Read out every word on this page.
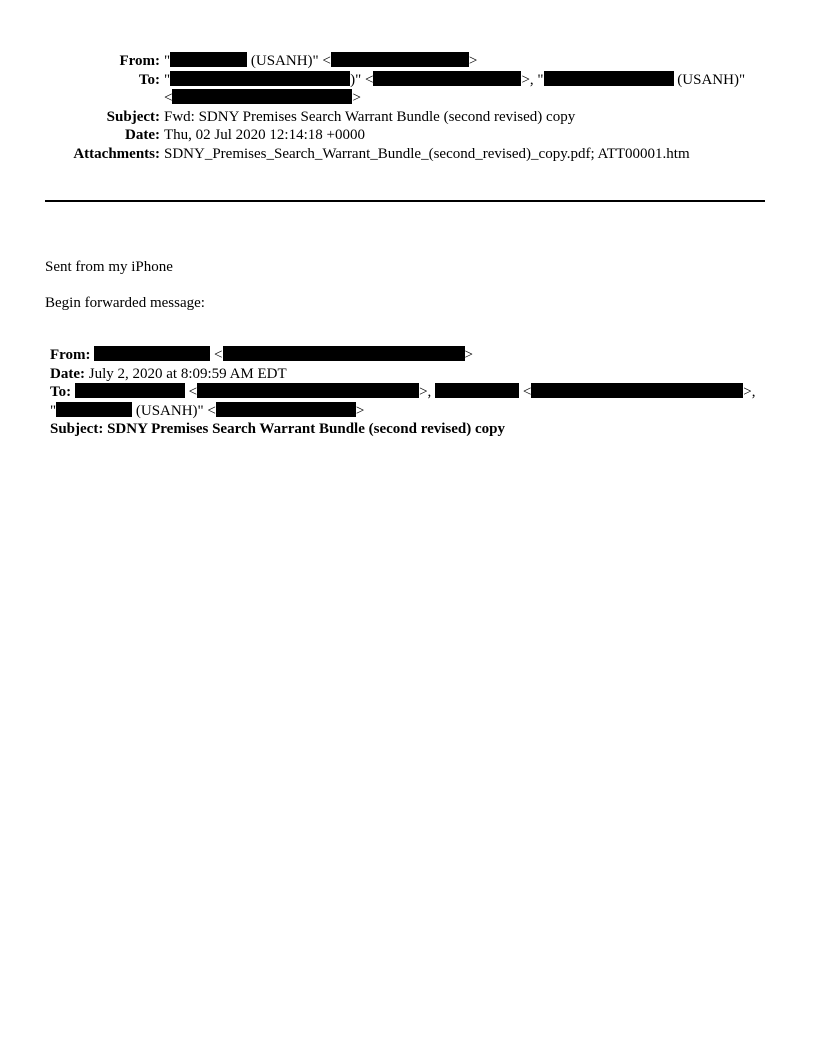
From: "	(USANH)" <	>
To: "	)" <	>, "	(USANH)"
<	>
Subject: Fwd: SDNY Premises Search Warrant Bundle (second revised) copy
Date: Thu, 02 Jul 2020 12:14:18 +0000
Attachments: SDNY_Premises_Search_Warrant_Bundle_(second_revised)_copy.pdf; ATT00001.htm
Sent from my iPhone
Begin forwarded message:
From:	<	>
Date: July 2, 2020 at 8:09:59 AM EDT
To:	<	>,	<	>,
"	(USANH)" <	>
Subject: SDNY Premises Search Warrant Bundle (second revised) copy
